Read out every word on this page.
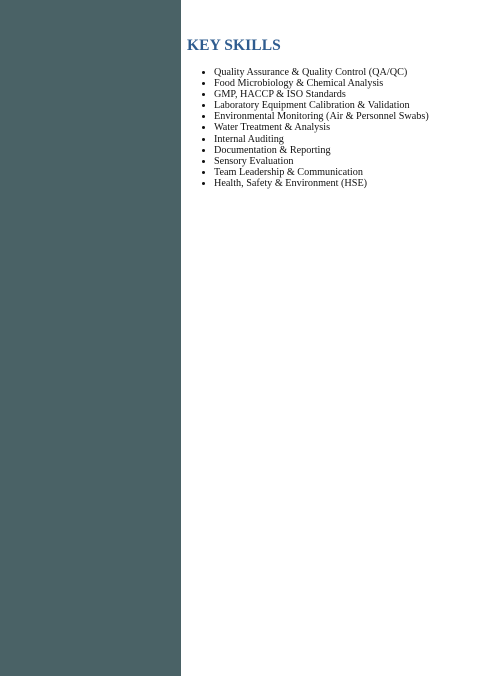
KEY SKILLS
Quality Assurance & Quality Control (QA/QC)
Food Microbiology & Chemical Analysis
GMP, HACCP & ISO Standards
Laboratory Equipment Calibration & Validation
Environmental Monitoring (Air & Personnel Swabs)
Water Treatment & Analysis
Internal Auditing
Documentation & Reporting
Sensory Evaluation
Team Leadership & Communication
Health, Safety & Environment (HSE)
